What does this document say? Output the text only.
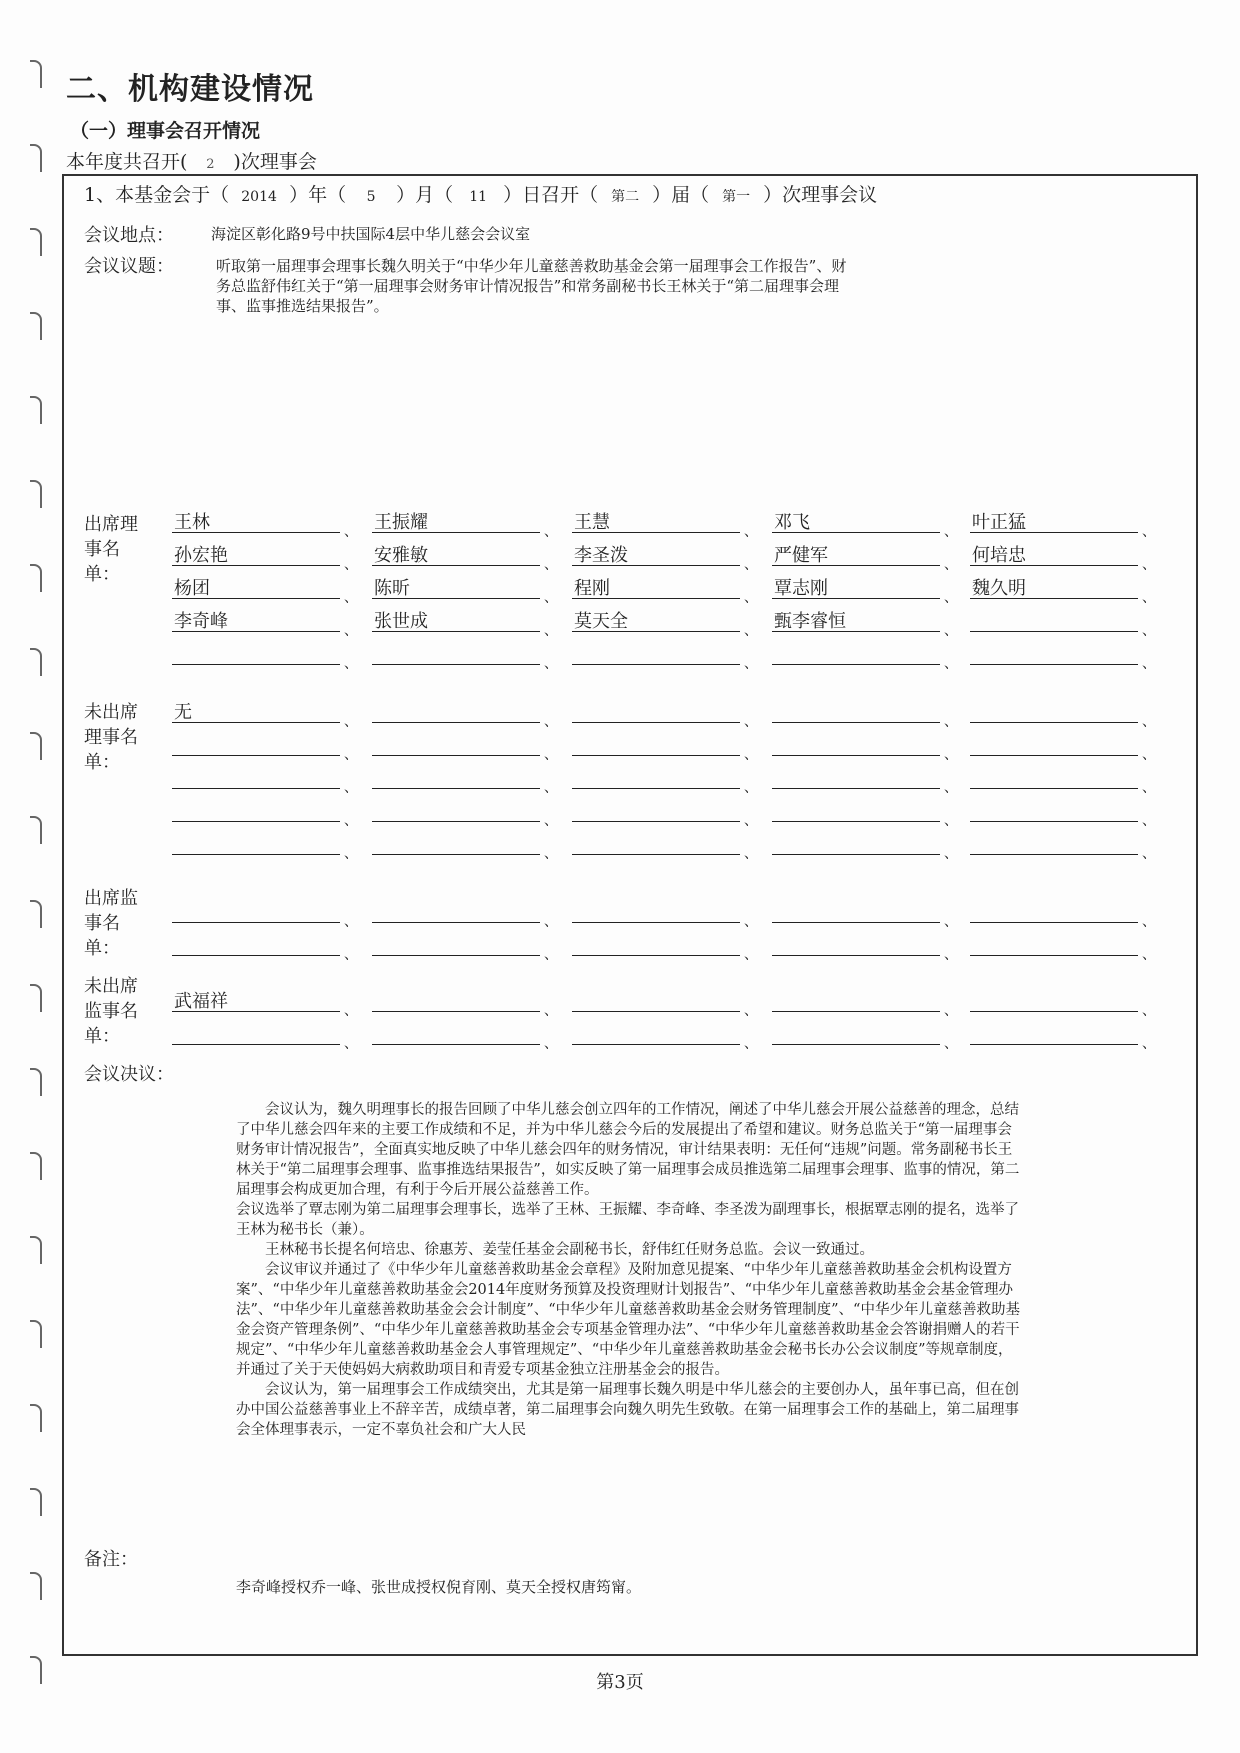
二、机构建设情况
（一）理事会召开情况
本年度共召开( 2 )次理事会
1、本基金会于（ 2014 ）年（ 5 ）月（ 11 ）日召开（ 第二 ）届（ 第一 ）次理事会议
会议地点： 海淀区彰化路9号中扶国际4层中华儿慈会会议室
会议议题：	听取第一届理事会理事长魏久明关于“中华少年儿童慈善救助基金会第一届理事会工作报告”、财
务总监舒伟红关于“第一届理事会财务审计情况报告”和常务副秘书长王林关于“第二届理事会理
事、监事推选结果报告”。
出席理
事名
单：
王林	、 王振耀	、 王慧	、 邓飞	、 叶正猛	、
孙宏艳	、 安雅敏	、 李圣泼	、 严健军	、 何培忠	、
杨团	、 陈昕	、 程刚	、 覃志刚	、 魏久明	、
李奇峰	、 张世成	、 莫天全	、 甄李睿恒	、	、
、	、	、	、	、
未出席
理事名
单：
无	、	、	、	、	、
、	、	、	、	、
、	、	、	、	、
、	、	、	、	、
、	、	、	、	、
出席监
事名
单：
、	、	、	、	、
、	、	、	、	、
未出席
监事名
单：
武福祥	、	、	、	、	、
、	、	、	、	、
会议决议：

会议认为，魏久明理事长的报告回顾了中华儿慈会创立四年的工作情况，阐述了中华儿慈会开展公益慈善的理念，总结了中华儿慈会四年来的主要工作成绩和不足，并为中华儿慈会今后的发展提出了希望和建议。财务总监关于“第一届理事会财务审计情况报告”，全面真实地反映了中华儿慈会四年的财务情况，审计结果表明：无任何“违规”问题。常务副秘书长王林关于“第二届理事会理事、监事推选结果报告”，如实反映了第一届理事会成员推选第二届理事会理事、监事的情况，第二届理事会构成更加合理，有利于今后开展公益慈善工作。

会议选举了覃志刚为第二届理事会理事长，选举了王林、王振耀、李奇峰、李圣泼为副理事长，根据覃志刚的提名，选举了王林为秘书长（兼）。

王林秘书长提名何培忠、徐惠芳、姜莹任基金会副秘书长，舒伟红任财务总监。会议一致通过。

会议审议并通过了《中华少年儿童慈善救助基金会章程》及附加意见提案、“中华少年儿童慈善救助基金会机构设置方案”、“中华少年儿童慈善救助基金会2014年度财务预算及投资理财计划报告”、“中华少年儿童慈善救助基金会基金管理办法”、“中华少年儿童慈善救助基金会会计制度”、“中华少年儿童慈善救助基金会财务管理制度”、“中华少年儿童慈善救助基金会资产管理条例”、“中华少年儿童慈善救助基金会专项基金管理办法”、“中华少年儿童慈善救助基金会答谢捐赠人的若干规定”、“中华少年儿童慈善救助基金会人事管理规定”、“中华少年儿童慈善救助基金会秘书长办公会议制度”等规章制度，并通过了关于天使妈妈大病救助项目和青爱专项基金独立注册基金会的报告。

会议认为，第一届理事会工作成绩突出，尤其是第一届理事长魏久明是中华儿慈会的主要创办人，虽年事已高，但在创办中国公益慈善事业上不辞辛苦，成绩卓著，第二届理事会向魏久明先生致敬。在第一届理事会工作的基础上，第二届理事会全体理事表示，一定不辜负社会和广大人民

备注：
李奇峰授权乔一峰、张世成授权倪育刚、莫天全授权唐筠甯。
第3页
